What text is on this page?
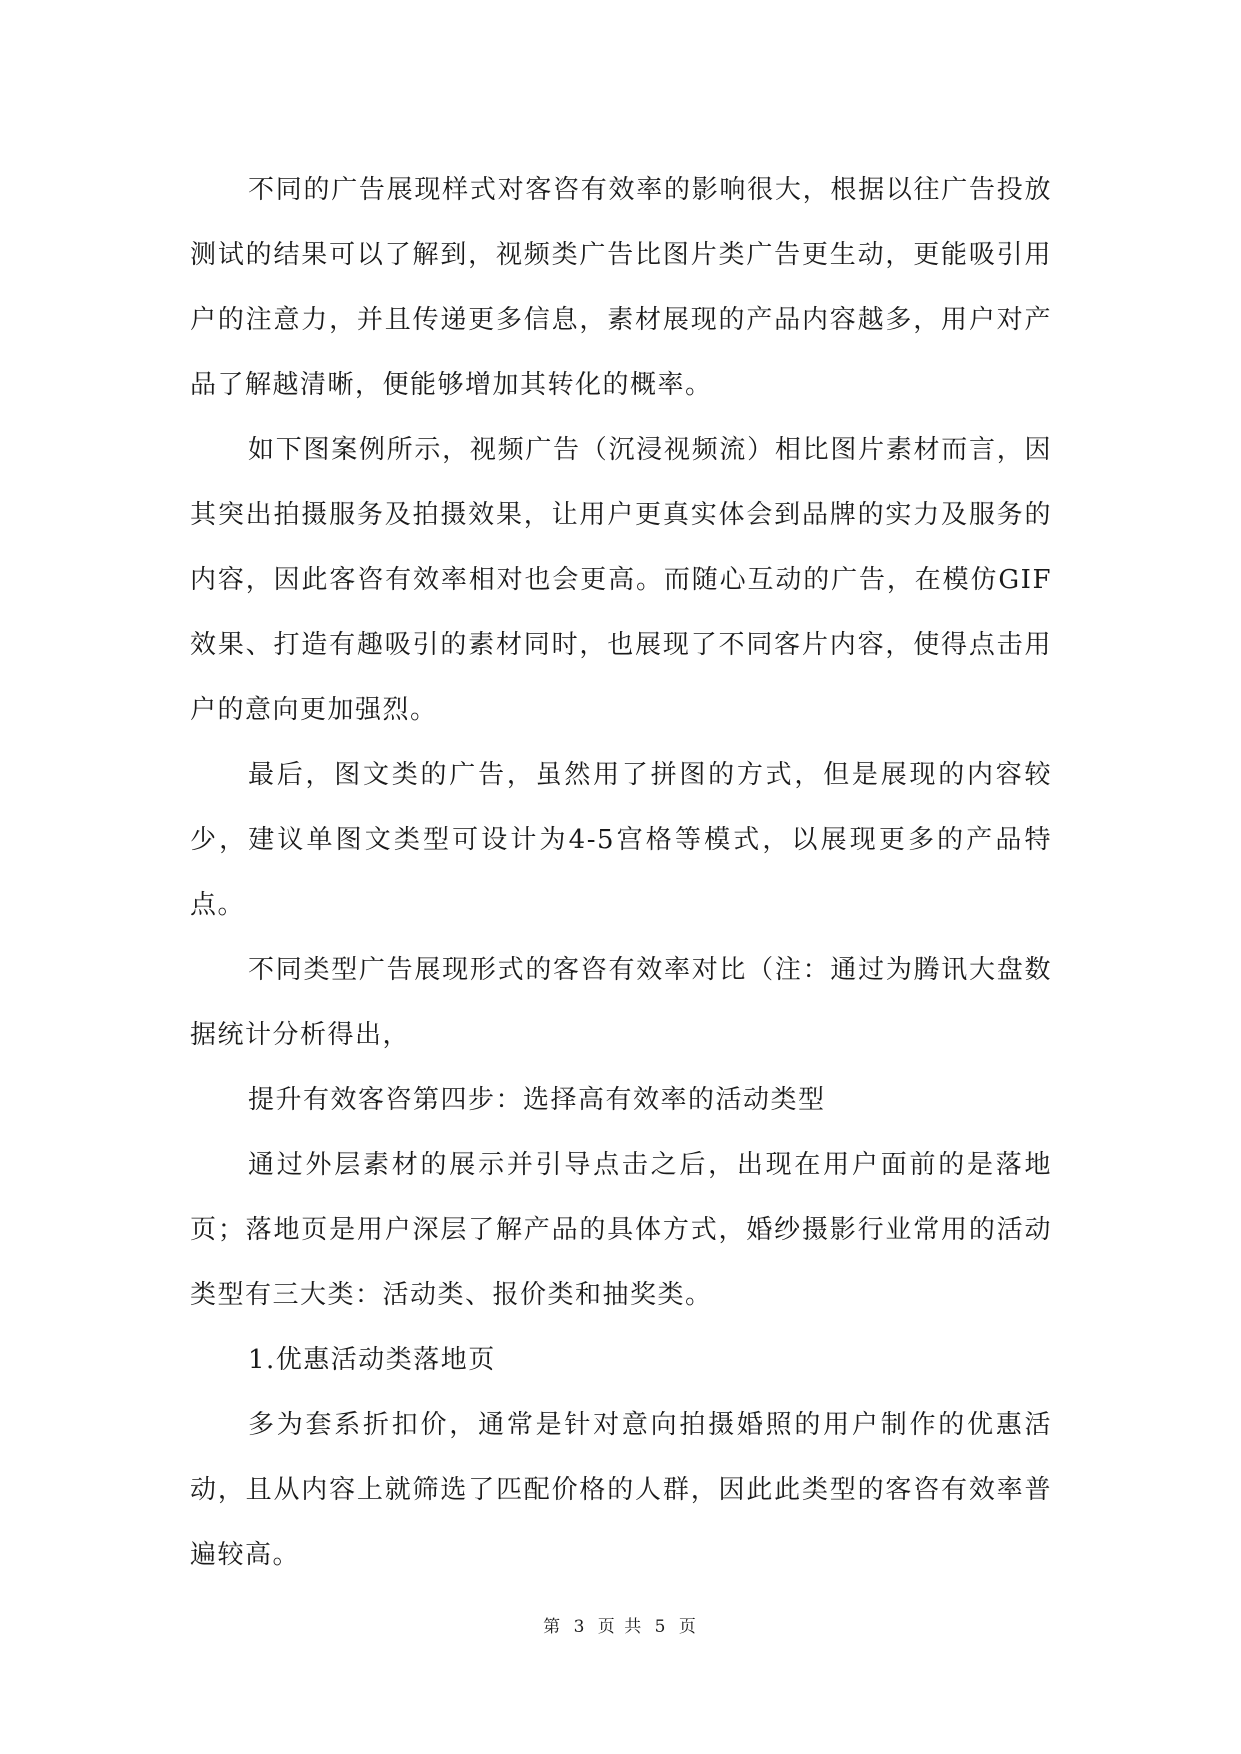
不同的广告展现样式对客咨有效率的影响很大，根据以往广告投放测试的结果可以了解到，视频类广告比图片类广告更生动，更能吸引用户的注意力，并且传递更多信息，素材展现的产品内容越多，用户对产品了解越清晰，便能够增加其转化的概率。

如下图案例所示，视频广告（沉浸视频流）相比图片素材而言，因其突出拍摄服务及拍摄效果，让用户更真实体会到品牌的实力及服务的内容，因此客咨有效率相对也会更高。而随心互动的广告，在模仿GIF效果、打造有趣吸引的素材同时，也展现了不同客片内容，使得点击用户的意向更加强烈。

最后，图文类的广告，虽然用了拼图的方式，但是展现的内容较少，建议单图文类型可设计为4-5宫格等模式，以展现更多的产品特点。

不同类型广告展现形式的客咨有效率对比（注：通过为腾讯大盘数据统计分析得出，

提升有效客咨第四步：选择高有效率的活动类型

通过外层素材的展示并引导点击之后，出现在用户面前的是落地页；落地页是用户深层了解产品的具体方式，婚纱摄影行业常用的活动类型有三大类：活动类、报价类和抽奖类。

1.优惠活动类落地页

多为套系折扣价，通常是针对意向拍摄婚照的用户制作的优惠活动，且从内容上就筛选了匹配价格的人群，因此此类型的客咨有效率普遍较高。

第 3 页 共 5 页
